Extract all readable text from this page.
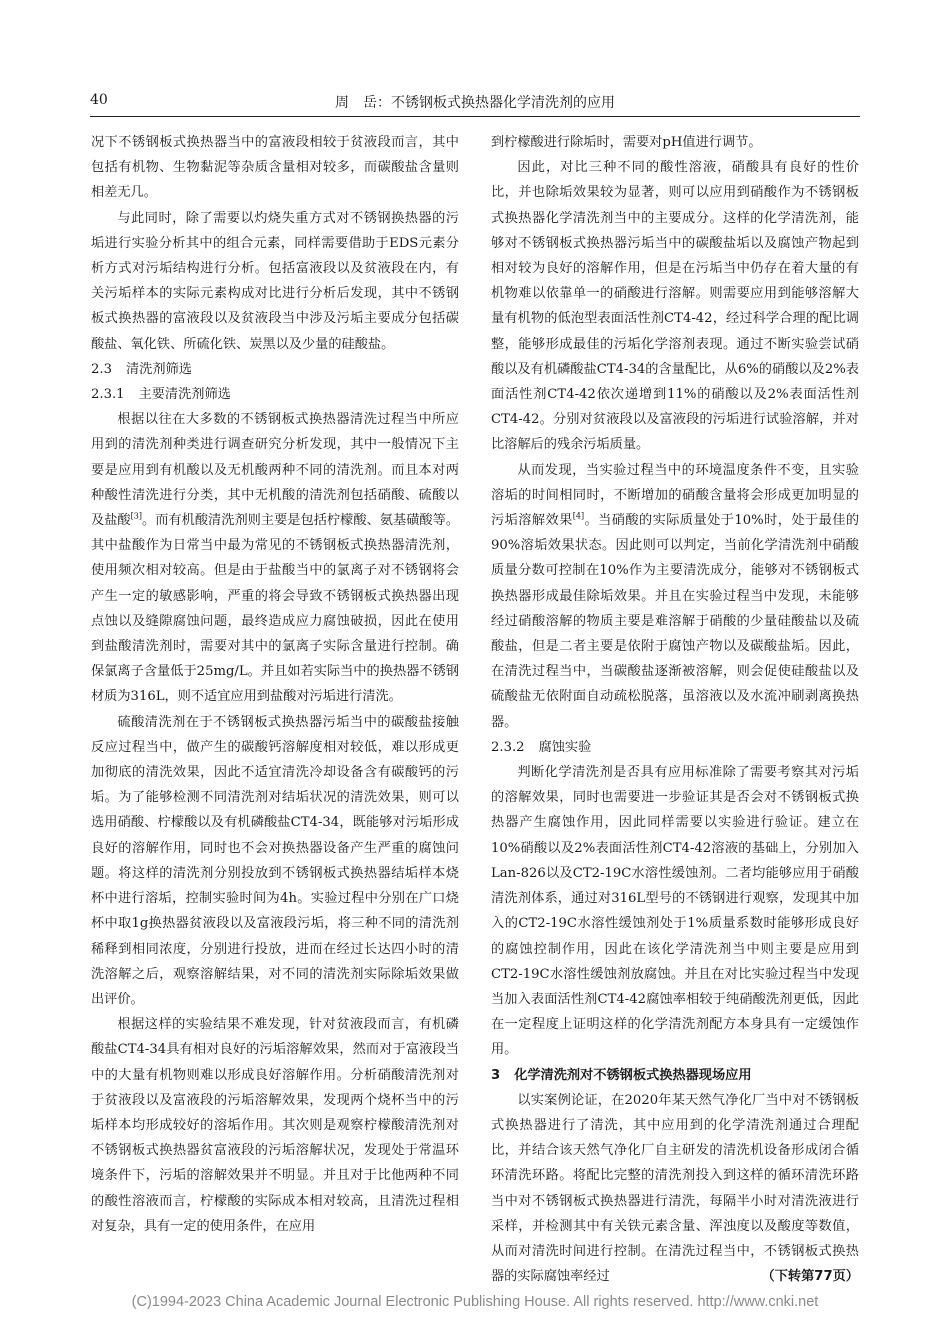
40	周　岳：不锈钢板式换热器化学清洗剂的应用

况下不锈钢板式换热器当中的富液段相较于贫液段而言，其中包括有机物、生物黏泥等杂质含量相对较多，而碳酸盐含量则相差无几。

与此同时，除了需要以灼烧失重方式对不锈钢换热器的污垢进行实验分析其中的组合元素，同样需要借助于EDS元素分析方式对污垢结构进行分析。包括富液段以及贫液段在内，有关污垢样本的实际元素构成对比进行分析后发现，其中不锈钢板式换热器的富液段以及贫液段当中涉及污垢主要成分包括碳酸盐、氧化铁、所硫化铁、炭黑以及少量的硅酸盐。

2.3 清洗剂筛选
2.3.1 主要清洗剂筛选

根据以往在大多数的不锈钢板式换热器清洗过程当中所应用到的清洗剂种类进行调查研究分析发现，其中一般情况下主要是应用到有机酸以及无机酸两种不同的清洗剂。而且本对两种酸性清洗进行分类，其中无机酸的清洗剂包括硝酸、硫酸以及盐酸[3]。而有机酸清洗剂则主要是包括柠檬酸、氨基磺酸等。其中盐酸作为日常当中最为常见的不锈钢板式换热器清洗剂，使用频次相对较高。但是由于盐酸当中的氯离子对不锈钢将会产生一定的敏感影响，严重的将会导致不锈钢板式换热器出现点蚀以及缝隙腐蚀问题，最终造成应力腐蚀破损，因此在使用到盐酸清洗剂时，需要对其中的氯离子实际含量进行控制。确保氯离子含量低于25mg/L。并且如若实际当中的换热器不锈钢材质为316L，则不适宜应用到盐酸对污垢进行清洗。

硫酸清洗剂在于不锈钢板式换热器污垢当中的碳酸盐接触反应过程当中，做产生的碳酸钙溶解度相对较低，难以形成更加彻底的清洗效果，因此不适宜清洗冷却设备含有碳酸钙的污垢。为了能够检测不同清洗剂对结垢状况的清洗效果，则可以选用硝酸、柠檬酸以及有机磷酸盐CT4-34，既能够对污垢形成良好的溶解作用，同时也不会对换热器设备产生严重的腐蚀问题。将这样的清洗剂分别投放到不锈钢板式换热器结垢样本烧杯中进行溶垢，控制实验时间为4h。实验过程中分别在广口烧杯中取1g换热器贫液段以及富液段污垢，将三种不同的清洗剂稀释到相同浓度，分别进行投放，进而在经过长达四小时的清洗溶解之后，观察溶解结果，对不同的清洗剂实际除垢效果做出评价。

根据这样的实验结果不难发现，针对贫液段而言，有机磷酸盐CT4-34具有相对良好的污垢溶解效果，然而对于富液段当中的大量有机物则难以形成良好溶解作用。分析硝酸清洗剂对于贫液段以及富液段的污垢溶解效果，发现两个烧杯当中的污垢样本均形成较好的溶垢作用。其次则是观察柠檬酸清洗剂对不锈钢板式换热器贫富液段的污垢溶解状况，发现处于常温环境条件下，污垢的溶解效果并不明显。并且对于比他两种不同的酸性溶液而言，柠檬酸的实际成本相对较高，且清洗过程相对复杂，具有一定的使用条件，在应用

到柠檬酸进行除垢时，需要对pH值进行调节。

因此，对比三种不同的酸性溶液，硝酸具有良好的性价比，并也除垢效果较为显著，则可以应用到硝酸作为不锈钢板式换热器化学清洗剂当中的主要成分。这样的化学清洗剂，能够对不锈钢板式换热器污垢当中的碳酸盐垢以及腐蚀产物起到相对较为良好的溶解作用，但是在污垢当中仍存在着大量的有机物难以依靠单一的硝酸进行溶解。则需要应用到能够溶解大量有机物的低泡型表面活性剂CT4-42，经过科学合理的配比调整，能够形成最佳的污垢化学溶剂表现。通过不断实验尝试硝酸以及有机磷酸盐CT4-34的含量配比，从6%的硝酸以及2%表面活性剂CT4-42依次递增到11%的硝酸以及2%表面活性剂CT4-42。分别对贫液段以及富液段的污垢进行试验溶解，并对比溶解后的残余污垢质量。

从而发现，当实验过程当中的环境温度条件不变，且实验溶垢的时间相同时，不断增加的硝酸含量将会形成更加明显的污垢溶解效果[4]。当硝酸的实际质量处于10%时，处于最佳的90%溶垢效果状态。因此则可以判定，当前化学清洗剂中硝酸质量分数可控制在10%作为主要清洗成分，能够对不锈钢板式换热器形成最佳除垢效果。并且在实验过程当中发现，未能够经过硝酸溶解的物质主要是难溶解于硝酸的少量硅酸盐以及硫酸盐，但是二者主要是依附于腐蚀产物以及碳酸盐垢。因此，在清洗过程当中，当碳酸盐逐渐被溶解，则会促使硅酸盐以及硫酸盐无依附面自动疏松脱落，虽溶液以及水流冲刷剥离换热器。

2.3.2 腐蚀实验

判断化学清洗剂是否具有应用标准除了需要考察其对污垢的溶解效果，同时也需要进一步验证其是否会对不锈钢板式换热器产生腐蚀作用，因此同样需要以实验进行验证。建立在10%硝酸以及2%表面活性剂CT4-42溶液的基础上，分别加入Lan-826以及CT2-19C水溶性缓蚀剂。二者均能够应用于硝酸清洗剂体系，通过对316L型号的不锈钢进行观察，发现其中加入的CT2-19C水溶性缓蚀剂处于1%质量系数时能够形成良好的腐蚀控制作用，因此在该化学清洗剂当中则主要是应用到CT2-19C水溶性缓蚀剂放腐蚀。并且在对比实验过程当中发现当加入表面活性剂CT4-42腐蚀率相较于纯硝酸洗剂更低，因此在一定程度上证明这样的化学清洗剂配方本身具有一定缓蚀作用。

3 化学清洗剂对不锈钢板式换热器现场应用

以实案例论证，在2020年某天然气净化厂当中对不锈钢板式换热器进行了清洗，其中应用到的化学清洗剂通过合理配比，并结合该天然气净化厂自主研发的清洗机设备形成闭合循环清洗环路。将配比完整的清洗剂投入到这样的循环清洗环路当中对不锈钢板式换热器进行清洗，每隔半小时对清洗液进行采样，并检测其中有关铁元素含量、浑浊度以及酸度等数值，从而对清洗时间进行控制。在清洗过程当中，不锈钢板式换热器的实际腐蚀率经过	（下转第77页）

(C)1994-2023 China Academic Journal Electronic Publishing House. All rights reserved. http://www.cnki.net
